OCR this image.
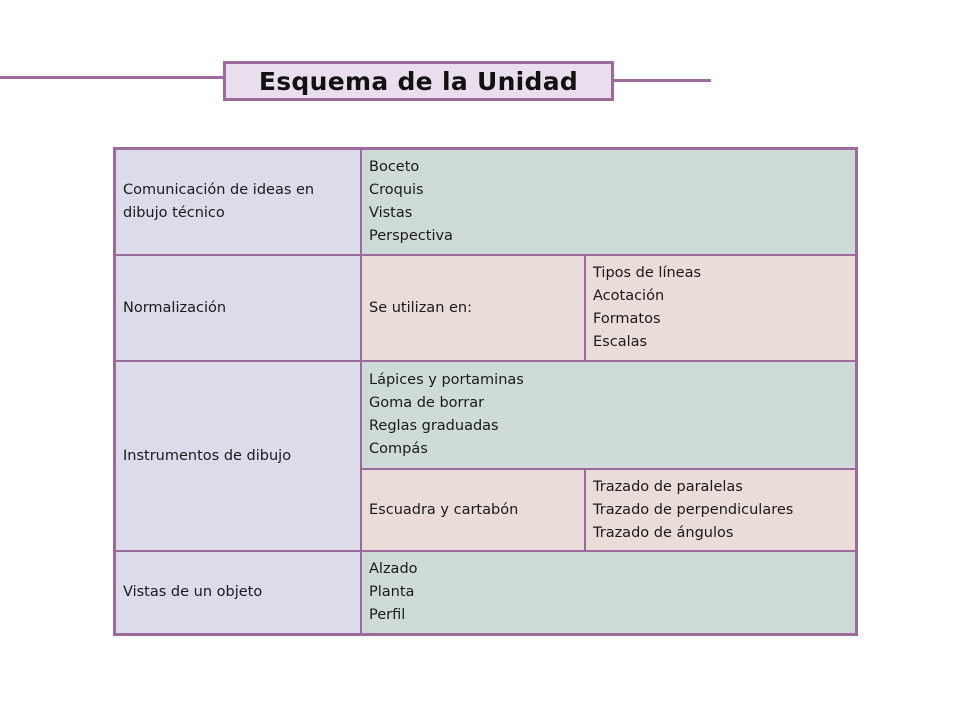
Esquema de la Unidad
Comunicación de ideas en
dibujo técnico
Boceto
Croquis
Vistas
Perspectiva
Normalización	Se utilizan en:
Tipos de líneas
Acotación
Formatos
Escalas
Instrumentos de dibujo
Lápices y portaminas
Goma de borrar
Reglas graduadas
Compás
Escuadra y cartabón
Trazado de paralelas
Trazado de perpendiculares
Trazado de ángulos
Vistas de un objeto
Alzado
Planta
Perfil
